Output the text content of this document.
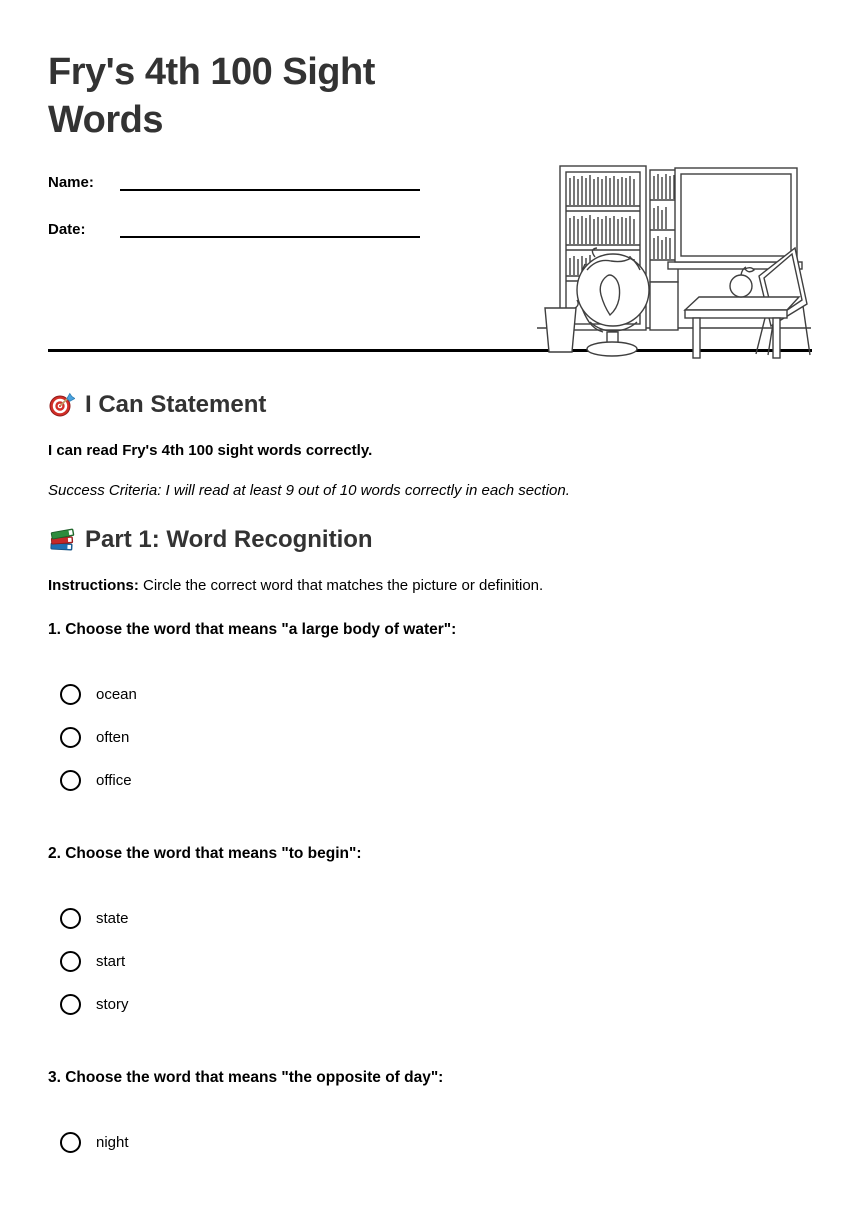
Fry's 4th 100 Sight Words
Name:
Date:
I Can Statement

I can read Fry's 4th 100 sight words correctly.

Success Criteria: I will read at least 9 out of 10 words correctly in each section.

Part 1: Word Recognition

Instructions: Circle the correct word that matches the picture or definition.

1. Choose the word that means "a large body of water":

ocean
often
office

2. Choose the word that means "to begin":

state
start
story

3. Choose the word that means "the opposite of day":

night
